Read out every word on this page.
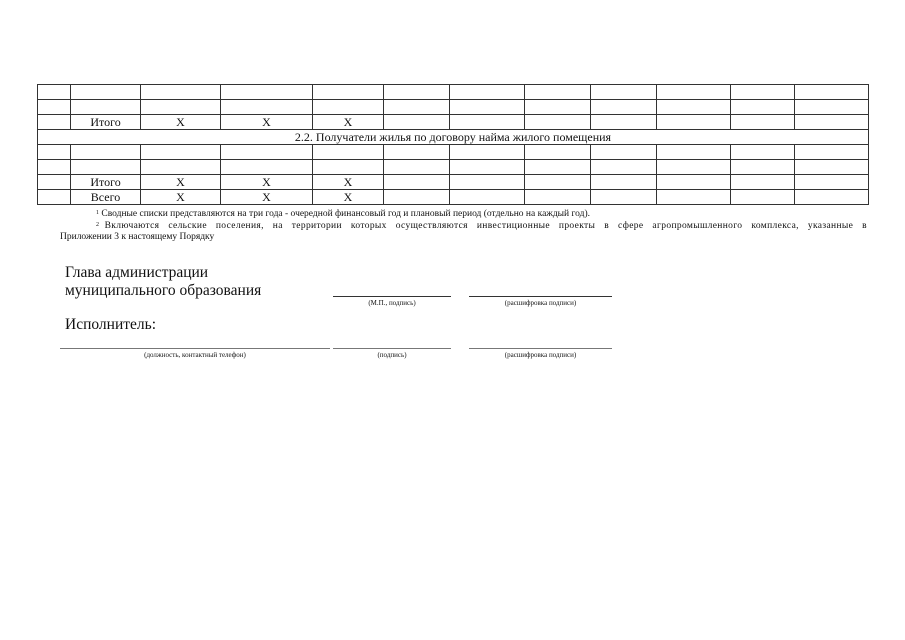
	Итого	X	X	X							
2.2. Получатели жилья по договору найма жилого помещения											

	Итого	X	X	X							
	Всего	X	X	X							
$^1$ Сводные списки представляются на три года - очередной финансовый год и плановый период (отдельно на каждый год).
$^2$ Включаются сельские поселения, на территории которых осуществляются инвестиционные проекты в сфере агропромышленного комплекса, указанные в
Приложении 3 к настоящему Порядку
Глава администрации
муниципального образования
(М.П., подпись)	(расшифровка подписи)
Исполнитель:
(должность, контактный телефон)	(подпись)	(расшифровка подписи)
